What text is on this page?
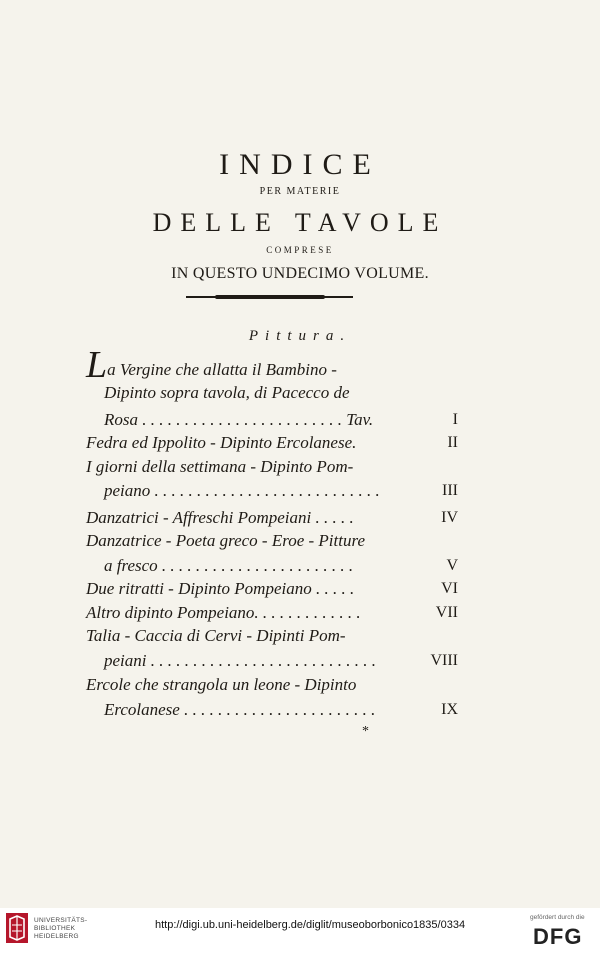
INDICE
PER MATERIE
DELLE TAVOLE
COMPRESE
IN QUESTO UNDECIMO VOLUME.
Pittura.
La Vergine che allatta il Bambino -
Dipinto sopra tavola, di Pacecco de
Rosa . . . . . . . . . . . . . . . . . . . . . . . . Tav.	I
Fedra ed Ippolito - Dipinto Ercolanese.	II
I giorni della settimana - Dipinto Pom-
peiano . . . . . . . . . . . . . . . . . . . . . . . . . . .	III
Danzatrici - Affreschi Pompeiani . . . . .	IV
Danzatrice - Poeta greco - Eroe - Pitture
a fresco . . . . . . . . . . . . . . . . . . . . . . .	V
Due ritratti - Dipinto Pompeiano . . . . .	VI
Altro dipinto Pompeiano. . . . . . . . . . . . .	VII
Talia - Caccia di Cervi - Dipinti Pom-
peiani . . . . . . . . . . . . . . . . . . . . . . . . . . .	VIII
Ercole che strangola un leone - Dipinto
Ercolanese . . . . . . . . . . . . . . . . . . . . . . .	IX
*
UNIVERSITÄTS-
BIBLIOTHEK
HEIDELBERG
http://digi.ub.uni-heidelberg.de/diglit/museoborbonico1835/0334
gefördert durch die
DFG
